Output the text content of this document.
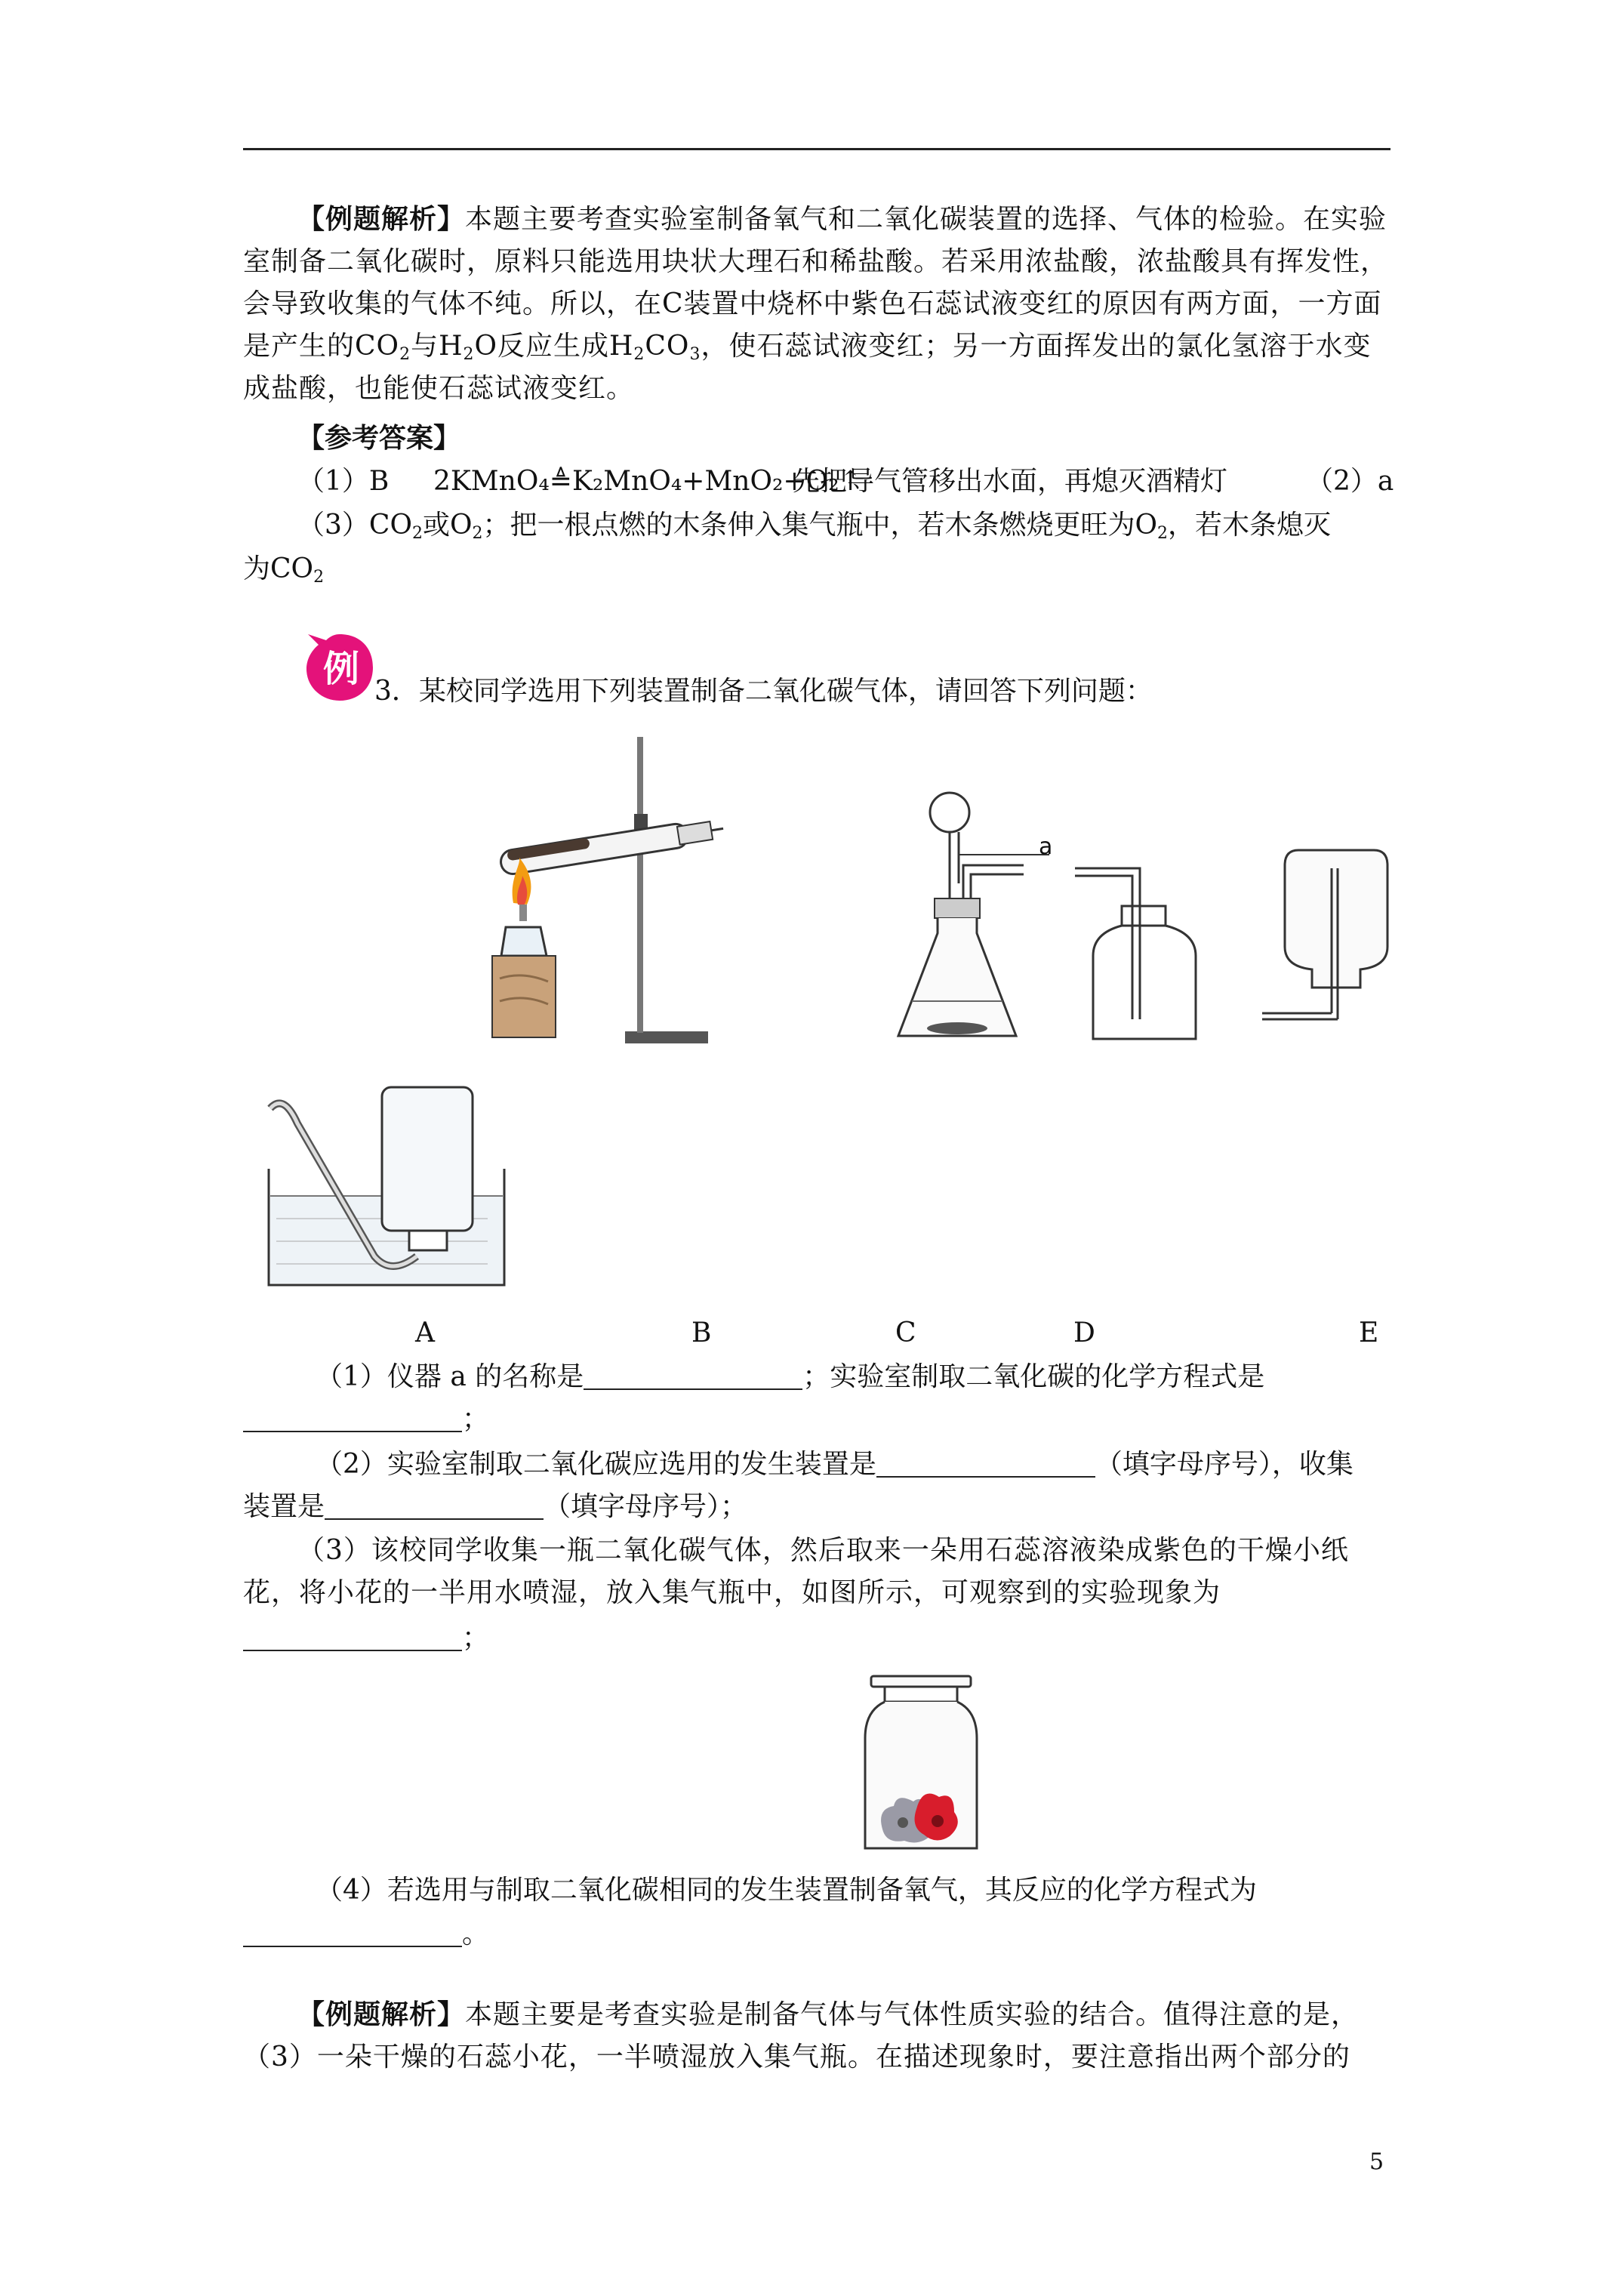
【例题解析】本题主要考查实验室制备氧气和二氧化碳装置的选择、气体的检验。在实验室制备二氧化碳时，原料只能选用块状大理石和稀盐酸。若采用浓盐酸，浓盐酸具有挥发性，会导致收集的气体不纯。所以，在C装置中烧杯中紫色石蕊试液变红的原因有两方面，一方面是产生的$CO_2$与$H_2O$反应生成$H_2CO_3$，使石蕊试液变红；另一方面挥发出的氯化氢溶于水变成盐酸，也能使石蕊试液变红。

【参考答案】

（1）B 2KMnO₄≜K₂MnO₄+MnO₂+O₂↑

先把导气管移出水面，再熄灭酒精灯	（2）a

$(3)CO_2$或$O_2$；把一根点燃的木条伸入集气瓶中，若木条燃烧更旺为$O_2$，若木条熄灭

为$CO_2$

例

3．某校同学选用下列装置制备二氧化碳气体，请回答下列问题：

a
A	B	C	D	E

（1）仪器 a 的名称是	；实验室制取二氧化碳的化学方程式是

；

（2）实验室制取二氧化碳应选用的发生装置是	（填字母序号），收集

装置是	（填字母序号）；

（3）该校同学收集一瓶二氧化碳气体，然后取来一朵用石蕊溶液染成紫色的干燥小纸花，将小花的一半用水喷湿，放入集气瓶中，如图所示，可观察到的实验现象为

；

（4）若选用与制取二氧化碳相同的发生装置制备氧气，其反应的化学方程式为

。

【例题解析】本题主要是考查实验是制备气体与气体性质实验的结合。值得注意的是，（3）一朵干燥的石蕊小花，一半喷湿放入集气瓶。在描述现象时，要注意指出两个部分的

5
